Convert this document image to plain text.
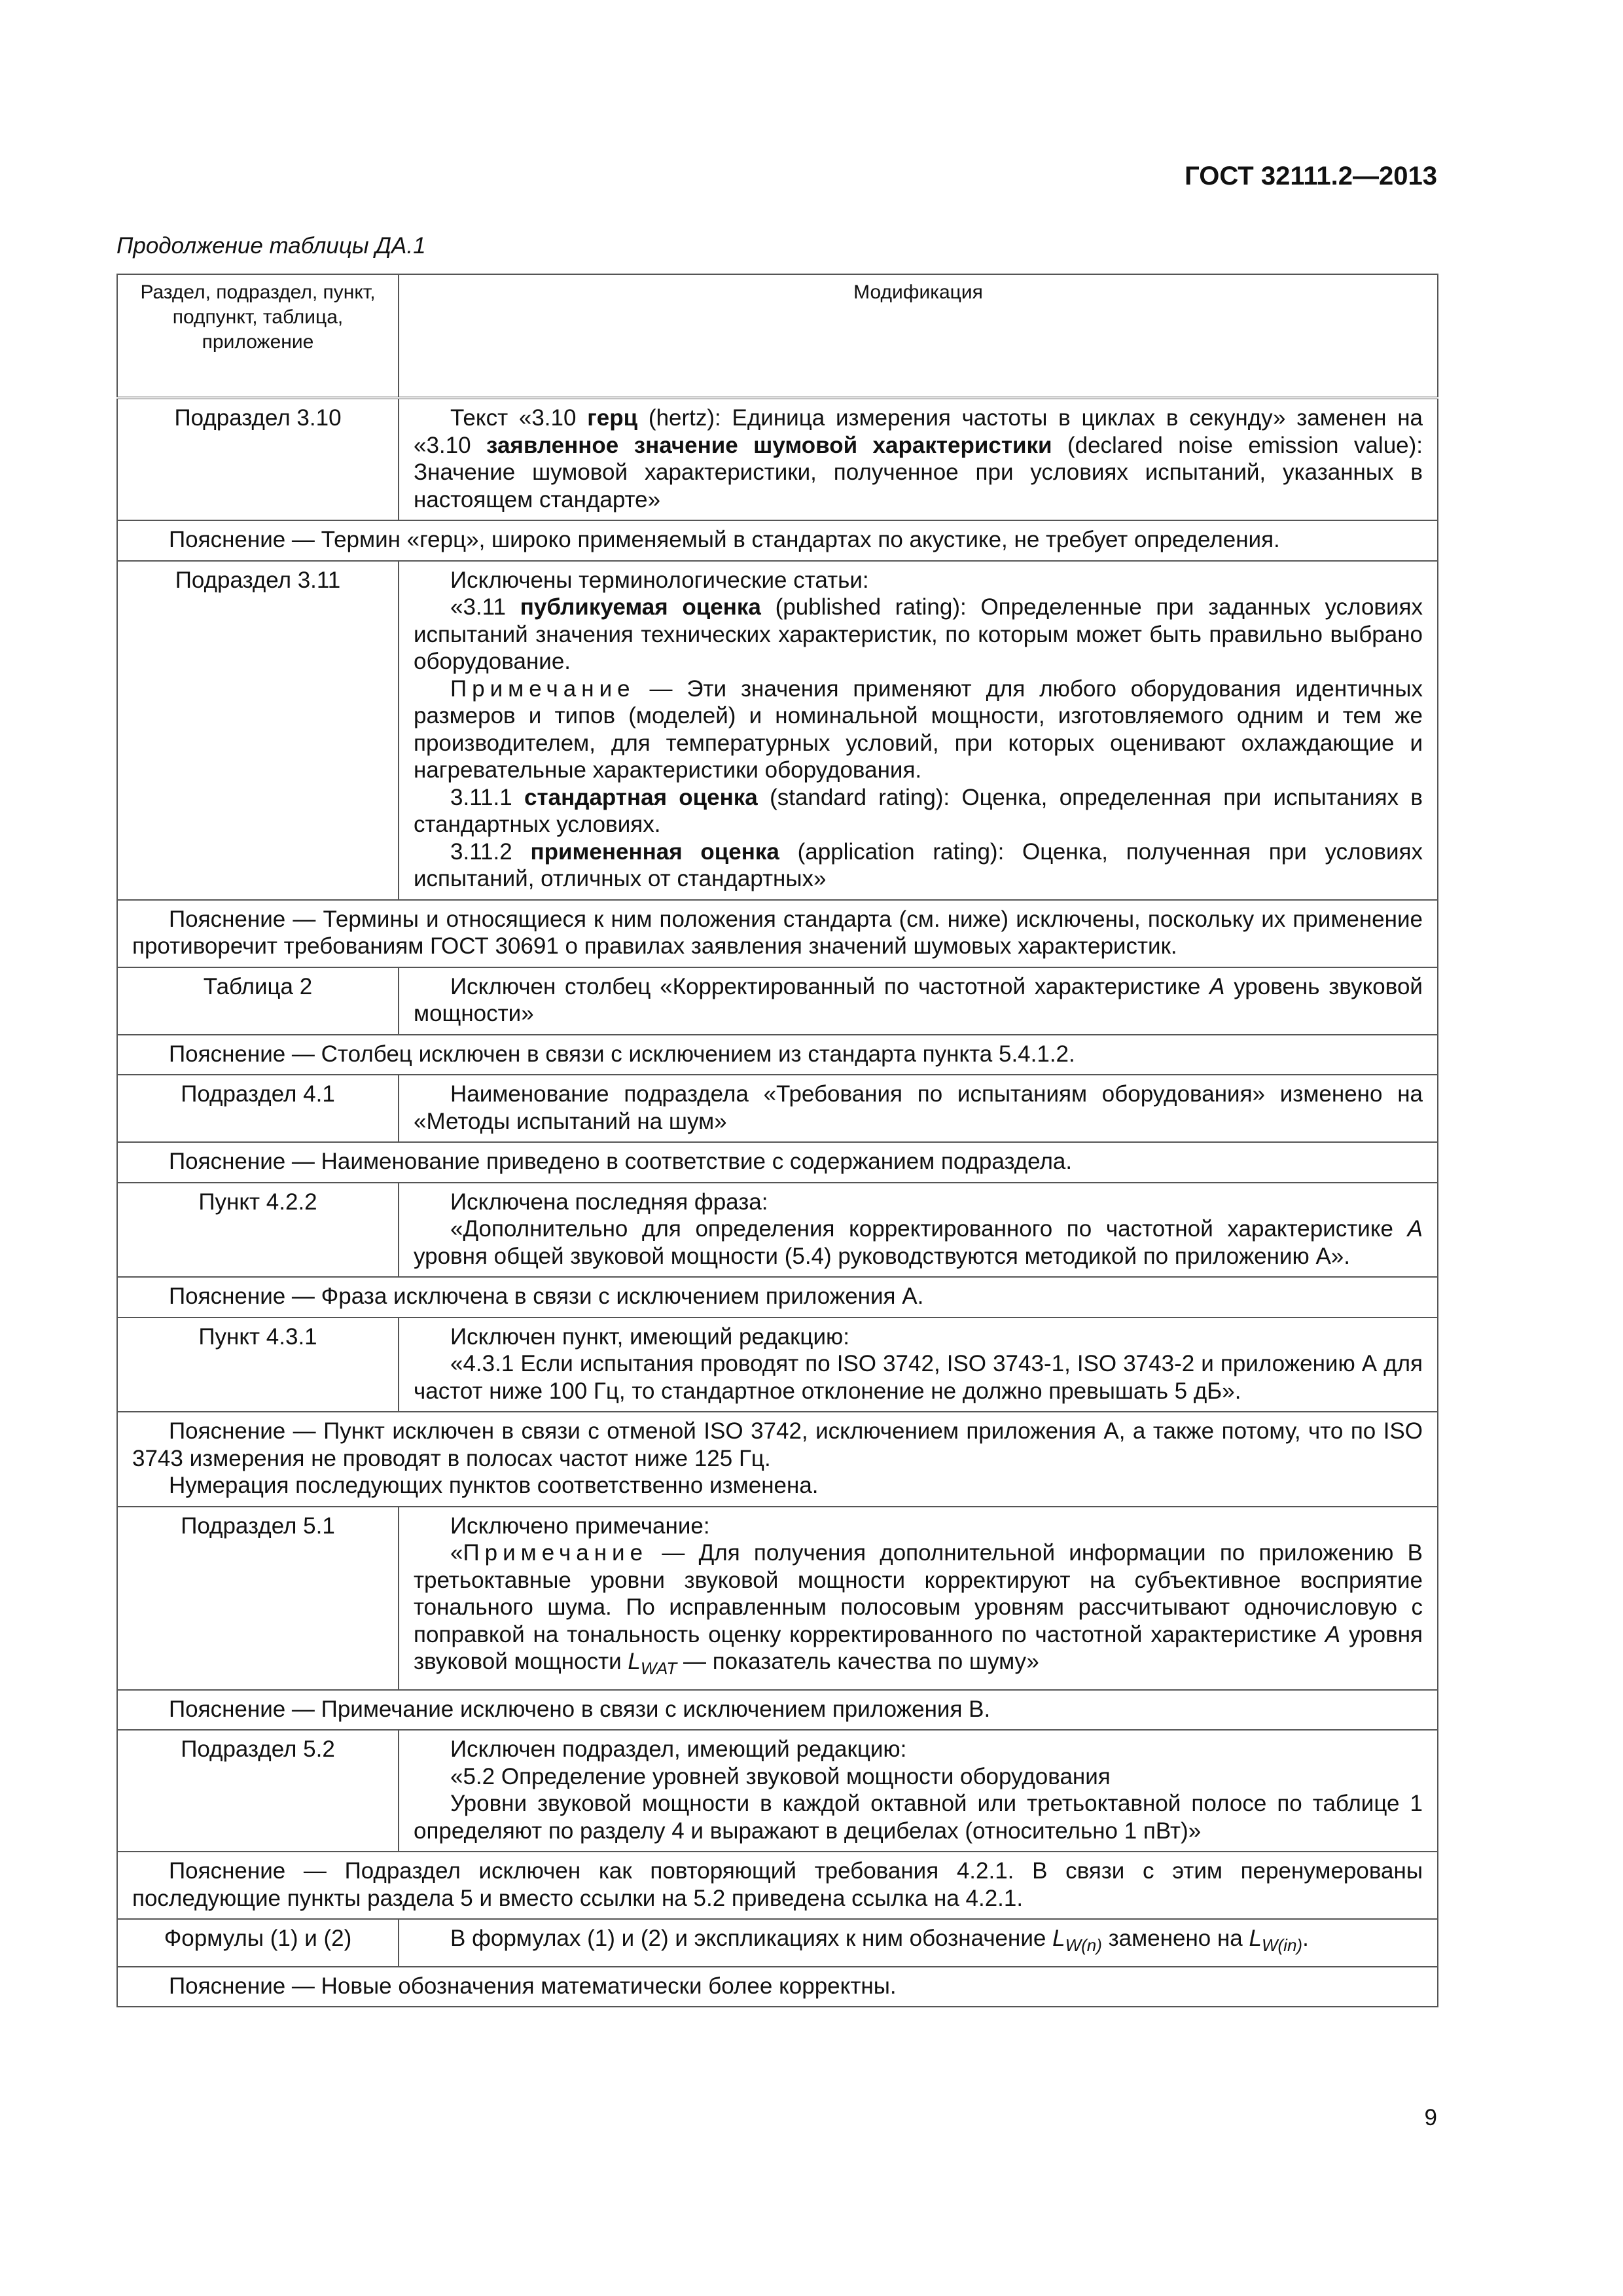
ГОСТ 32111.2—2013
Продолжение таблицы ДА.1
Раздел, подраздел, пункт, подпункт, таблица, приложение	Модификация
Подраздел 3.10	Текст «3.10 герц (hertz): Единица измерения частоты в циклах в секунду» заменен на «3.10 заявленное значение шумовой характеристики (declared noise emission value): Значение шумовой характеристики, полученное при условиях испытаний, указанных в настоящем стандарте»

Пояснение — Термин «герц», широко применяемый в стандартах по акустике, не требует определения.	

Подраздел 3.11	Исключены терминологические статьи:

«3.11 публикуемая оценка (published rating): Определенные при заданных условиях испытаний значения технических характеристик, по которым может быть правильно выбрано оборудование.

Примечание — Эти значения применяют для любого оборудования идентичных размеров и типов (моделей) и номинальной мощности, изготовляемого одним и тем же производителем, для температурных условий, при которых оценивают охлаждающие и нагревательные характеристики оборудования.

3.11.1 стандартная оценка (standard rating): Оценка, определенная при испытаниях в стандартных условиях.

3.11.2 примененная оценка (application rating): Оценка, полученная при условиях испытаний, отличных от стандартных»

Пояснение — Термины и относящиеся к ним положения стандарта (см. ниже) исключены, поскольку их применение противоречит требованиям ГОСТ 30691 о правилах заявления значений шумовых характеристик.	

Таблица 2	Исключен столбец «Корректированный по частотной характеристике А уровень звуковой мощности»

Пояснение — Столбец исключен в связи с исключением из стандарта пункта 5.4.1.2.	

Подраздел 4.1	Наименование подраздела «Требования по испытаниям оборудования» изменено на «Методы испытаний на шум»

Пояснение — Наименование приведено в соответствие с содержанием подраздела.	

Пункт 4.2.2	Исключена последняя фраза:

«Дополнительно для определения корректированного по частотной характеристике А уровня общей звуковой мощности (5.4) руководствуются методикой по приложению А».

Пояснение — Фраза исключена в связи с исключением приложения А.	

Пункт 4.3.1	Исключен пункт, имеющий редакцию:

«4.3.1 Если испытания проводят по ISO 3742, ISO 3743-1, ISO 3743-2 и приложению А для частот ниже 100 Гц, то стандартное отклонение не должно превышать 5 дБ».

Пояснение — Пункт исключен в связи с отменой ISO 3742, исключением приложения А, а также потому, что по ISO 3743 измерения не проводят в полосах частот ниже 125 Гц.

Нумерация последующих пунктов соответственно изменена.	

Подраздел 5.1	Исключено примечание:

«Примечание — Для получения дополнительной информации по приложению В третьоктавные уровни звуковой мощности корректируют на субъективное восприятие тонального шума. По исправленным полосовым уровням рассчитывают одночисловую с поправкой на тональность оценку корректированного по частотной характеристике А уровня звуковой мощности $L_{WAT}$ — показатель качества по шуму»

Пояснение — Примечание исключено в связи с исключением приложения В.	

Подраздел 5.2	Исключен подраздел, имеющий редакцию:

«5.2 Определение уровней звуковой мощности оборудования

Уровни звуковой мощности в каждой октавной или третьоктавной полосе по таблице 1 определяют по разделу 4 и выражают в децибелах (относительно 1 пВт)»

Пояснение — Подраздел исключен как повторяющий требования 4.2.1. В связи с этим перенумерованы последующие пункты раздела 5 и вместо ссылки на 5.2 приведена ссылка на 4.2.1.	

Формулы (1) и (2)	В формулах (1) и (2) и экспликациях к ним обозначение $L_{W(n)}$ заменено на $L_{W(in)}$.

Пояснение — Новые обозначения математически более корректны.	

9
